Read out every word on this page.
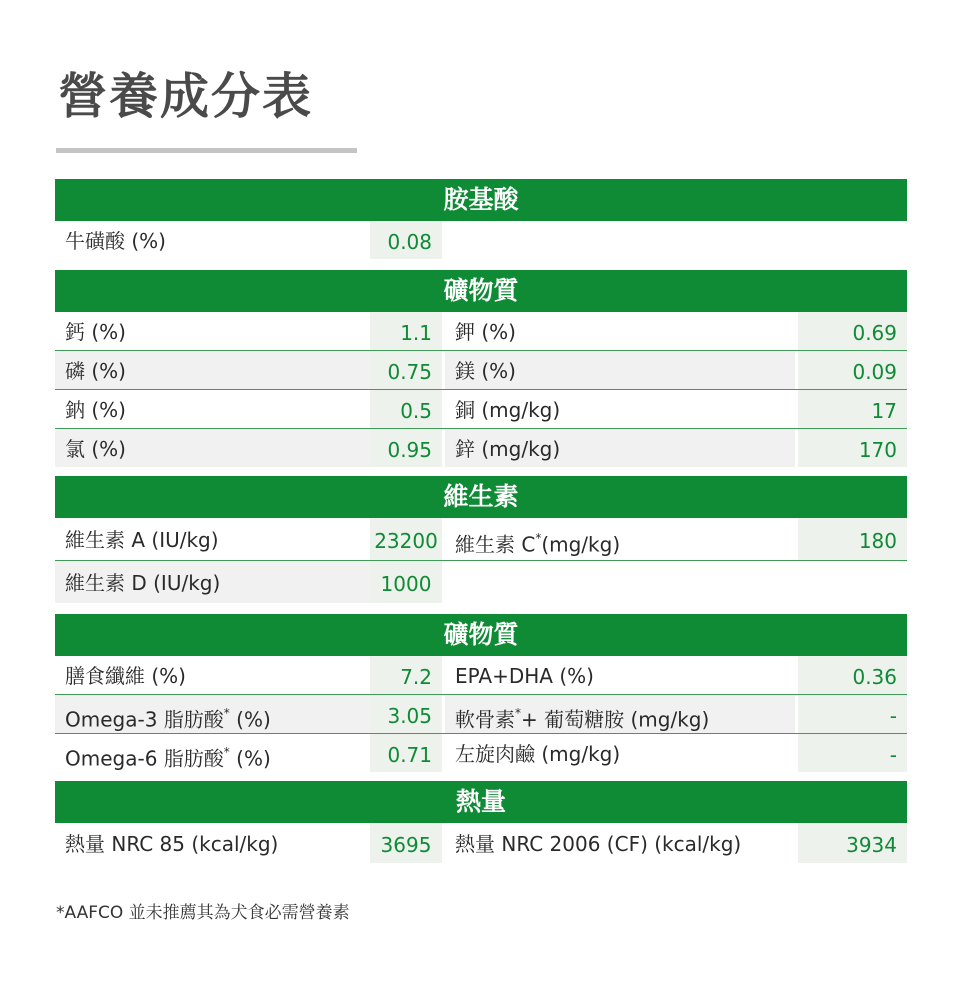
營養成分表
胺基酸
牛磺酸 (%)	0.08
礦物質
鈣 (%)	1.1	鉀 (%)	0.69
磷 (%)	0.75	鎂 (%)	0.09
鈉 (%)	0.5	銅 (mg/kg)	17
氯 (%)	0.95	鋅 (mg/kg)	170
維生素
維生素 A (IU/kg)	23200 維生素 C*(mg/kg)	180
維生素 D (IU/kg)	1000
礦物質
膳食纖維 (%)	7.2	EPA+DHA (%)	0.36
Omega-3 脂肪酸* (%)	3.05	軟骨素*+ 葡萄糖胺 (mg/kg)	-
Omega-6 脂肪酸* (%)	0.71	左旋肉鹼 (mg/kg)	-
熱量
熱量 NRC 85 (kcal/kg)	3695	熱量 NRC 2006 (CF) (kcal/kg)	3934
*AAFCO 並未推薦其為犬食必需營養素
